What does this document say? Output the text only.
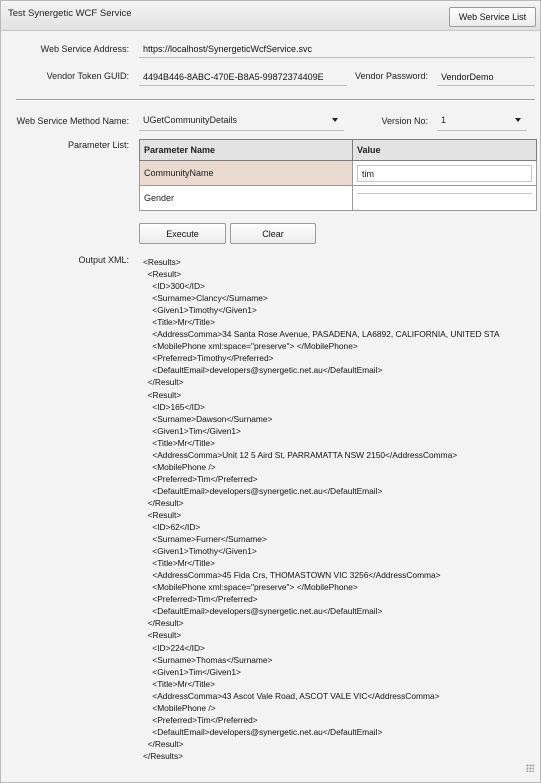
Test Synergetic WCF Service	Web Service List
Web Service Address: https://localhost/SynergeticWcfService.svc
Vendor Token GUID: 4494B446-8ABC-470E-B8A5-99872374409E	Vendor Password: VendorDemo
Web Service Method Name: UGetCommunityDetails	Version No: 1
Parameter List: Parameter Name	Value
CommunityName	tim

Gender	
Execute	Clear
Output XML: <Results>
<Result>
<ID>300</ID>
<Surname>Clancy</Surname>
<Given1>Timothy</Given1>
<Title>Mr</Title>
<AddressComma>34 Santa Rose Avenue, PASADENA, LA6892, CALIFORNIA, UNITED STA
<MobilePhone xml:space="preserve"> </MobilePhone>
<Preferred>Timothy</Preferred>
<DefaultEmail>developers@synergetic.net.au</DefaultEmail>
</Result>
<Result>
<ID>165</ID>
<Surname>Dawson</Surname>
<Given1>Tim</Given1>
<Title>Mr</Title>
<AddressComma>Unit 12 5 Aird St, PARRAMATTA NSW 2150</AddressComma>
<MobilePhone />
<Preferred>Tim</Preferred>
<DefaultEmail>developers@synergetic.net.au</DefaultEmail>
</Result>
<Result>
<ID>62</ID>
<Surname>Furner</Surname>
<Given1>Timothy</Given1>
<Title>Mr</Title>
<AddressComma>45 Fida Crs, THOMASTOWN VIC 3256</AddressComma>
<MobilePhone xml:space="preserve"> </MobilePhone>
<Preferred>Tim</Preferred>
<DefaultEmail>developers@synergetic.net.au</DefaultEmail>
</Result>
<Result>
<ID>224</ID>
<Surname>Thomas</Surname>
<Given1>Tim</Given1>
<Title>Mr</Title>
<AddressComma>43 Ascot Vale Road, ASCOT VALE VIC</AddressComma>
<MobilePhone />
<Preferred>Tim</Preferred>
<DefaultEmail>developers@synergetic.net.au</DefaultEmail>
</Result>
</Results>
